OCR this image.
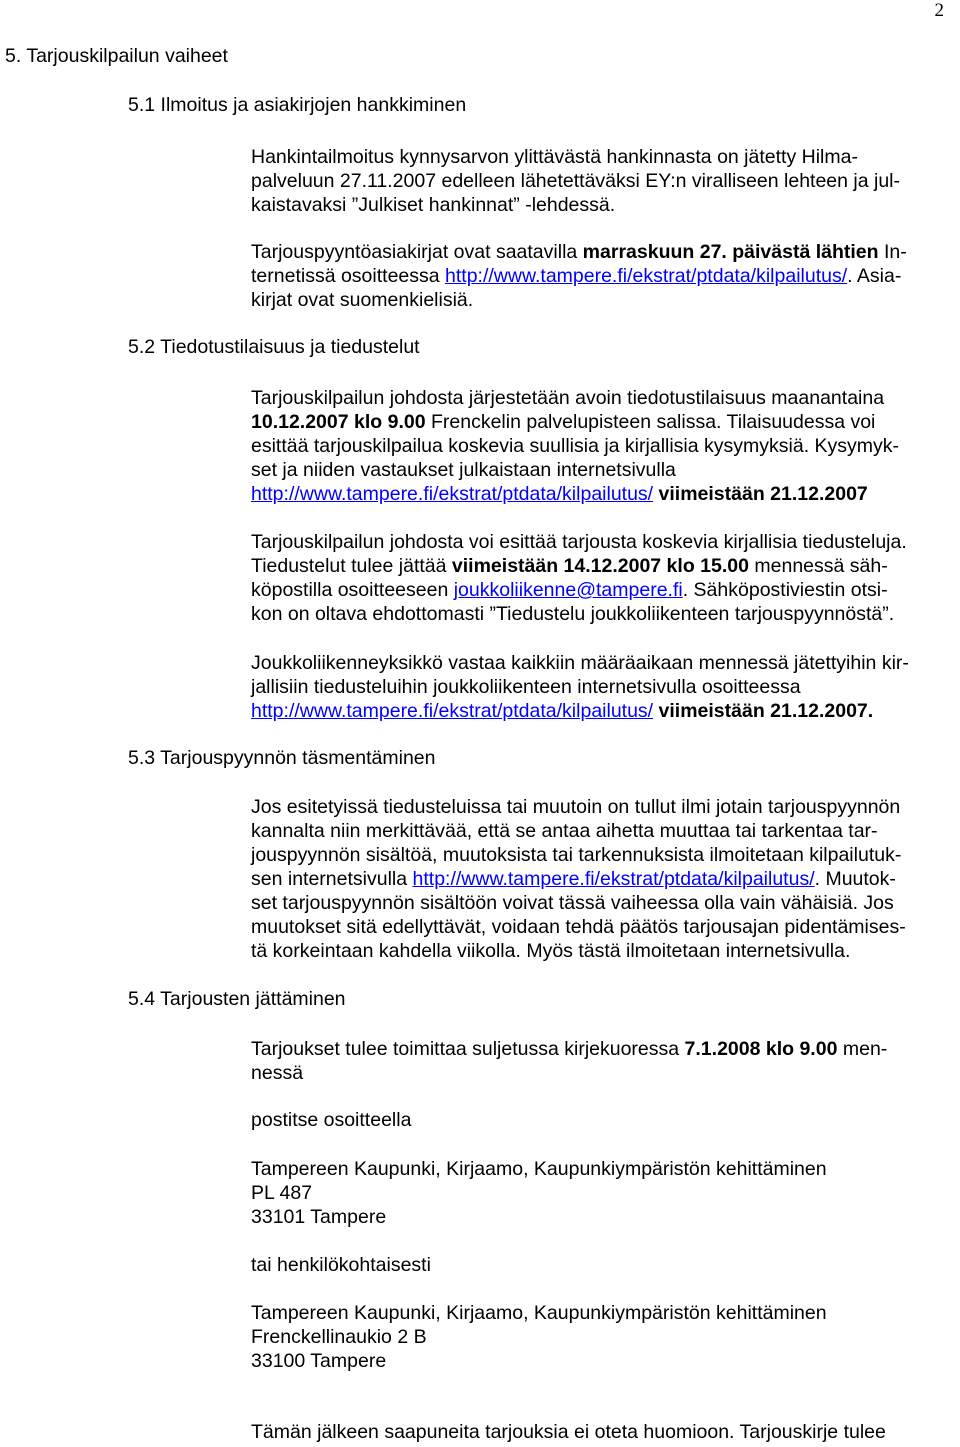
2
5. Tarjouskilpailun vaiheet
5.1 Ilmoitus ja asiakirjojen hankkiminen
Hankintailmoitus kynnysarvon ylittävästä hankinnasta on jätetty Hilma-
palveluun 27.11.2007 edelleen lähetettäväksi EY:n viralliseen lehteen ja jul-
kaistavaksi ”Julkiset hankinnat” -lehdessä.
Tarjouspyyntöasiakirjat ovat saatavilla marraskuun 27. päivästä lähtien In-
ternetissä osoitteessa http://www.tampere.fi/ekstrat/ptdata/kilpailutus/. Asia-
kirjat ovat suomenkielisiä.
5.2 Tiedotustilaisuus ja tiedustelut
Tarjouskilpailun johdosta järjestetään avoin tiedotustilaisuus maanantaina
10.12.2007 klo 9.00 Frenckelin palvelupisteen salissa. Tilaisuudessa voi
esittää tarjouskilpailua koskevia suullisia ja kirjallisia kysymyksiä. Kysymyk-
set ja niiden vastaukset julkaistaan internetsivulla
http://www.tampere.fi/ekstrat/ptdata/kilpailutus/ viimeistään 21.12.2007
Tarjouskilpailun johdosta voi esittää tarjousta koskevia kirjallisia tiedusteluja.
Tiedustelut tulee jättää viimeistään 14.12.2007 klo 15.00 mennessä säh-
köpostilla osoitteeseen joukkoliikenne@tampere.fi. Sähköpostiviestin otsi-
kon on oltava ehdottomasti ”Tiedustelu joukkoliikenteen tarjouspyynnöstä”.
Joukkoliikenneyksikkö vastaa kaikkiin määräaikaan mennessä jätettyihin kir-
jallisiin tiedusteluihin joukkoliikenteen internetsivulla osoitteessa
http://www.tampere.fi/ekstrat/ptdata/kilpailutus/ viimeistään 21.12.2007.
5.3 Tarjouspyynnön täsmentäminen
Jos esitetyissä tiedusteluissa tai muutoin on tullut ilmi jotain tarjouspyynnön
kannalta niin merkittävää, että se antaa aihetta muuttaa tai tarkentaa tar-
jouspyynnön sisältöä, muutoksista tai tarkennuksista ilmoitetaan kilpailutuk-
sen internetsivulla http://www.tampere.fi/ekstrat/ptdata/kilpailutus/. Muutok-
set tarjouspyynnön sisältöön voivat tässä vaiheessa olla vain vähäisiä. Jos
muutokset sitä edellyttävät, voidaan tehdä päätös tarjousajan pidentämises-
tä korkeintaan kahdella viikolla. Myös tästä ilmoitetaan internetsivulla.
5.4 Tarjousten jättäminen
Tarjoukset tulee toimittaa suljetussa kirjekuoressa 7.1.2008 klo 9.00 men-
nessä
postitse osoitteella
Tampereen Kaupunki, Kirjaamo, Kaupunkiympäristön kehittäminen
PL 487
33101 Tampere
tai henkilökohtaisesti
Tampereen Kaupunki, Kirjaamo, Kaupunkiympäristön kehittäminen
Frenckellinaukio 2 B
33100 Tampere
Tämän jälkeen saapuneita tarjouksia ei oteta huomioon. Tarjouskirje tulee
